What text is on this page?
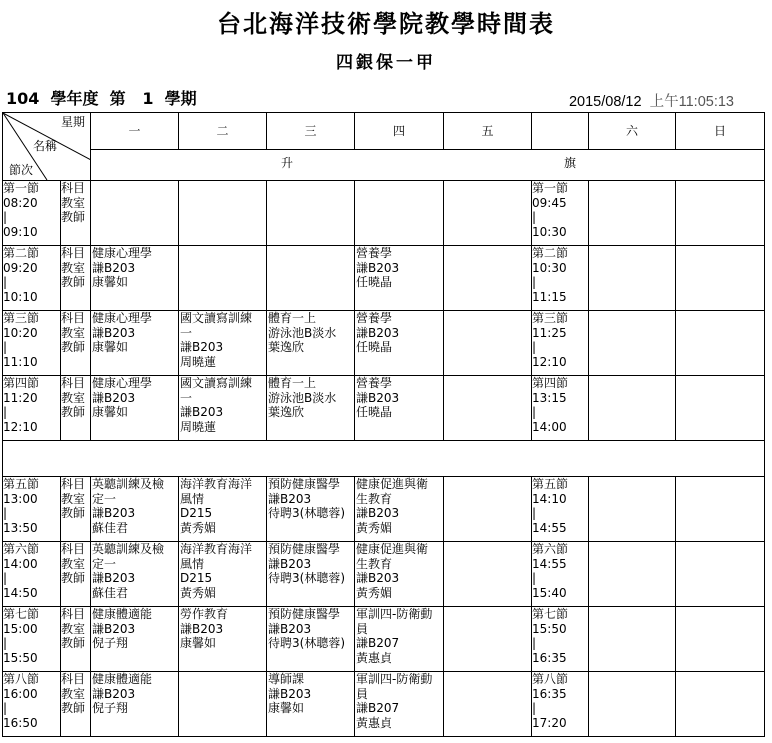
台北海洋技術學院教學時間表
四銀保一甲
104  學年度  第   1  學期	2015/08/12 上午11:05:13
星期
名稱
節次		一	二	三	四	五		六	日

		升 旗							

第一節
08:20
|
09:10	科目
教室
教師						第一節
09:45
|
10:30		

第二節
09:20
|
10:10	科目
教室
教師	健康心理學
謙B203
康馨如			營養學
謙B203
任曉晶		第二節
10:30
|
11:15		

第三節
10:20
|
11:10	科目
教室
教師	健康心理學
謙B203
康馨如	國文讀寫訓練
一
謙B203
周曉蓮	體育一上
游泳池B淡水
葉逸欣	營養學
謙B203
任曉晶		第三節
11:25
|
12:10		

第四節
11:20
|
12:10	科目
教室
教師	健康心理學
謙B203
康馨如	國文讀寫訓練
一
謙B203
周曉蓮	體育一上
游泳池B淡水
葉逸欣	營養學
謙B203
任曉晶		第四節
13:15
|
14:00		

第五節
13:00
|
13:50	科目
教室
教師	英聽訓練及檢
定一
謙B203
蘇佳君	海洋教育海洋
風情
D215
黃秀媚	預防健康醫學
謙B203
待聘3(林聰蓉)	健康促進與衛
生教育
謙B203
黃秀媚		第五節
14:10
|
14:55		

第六節
14:00
|
14:50	科目
教室
教師	英聽訓練及檢
定一
謙B203
蘇佳君	海洋教育海洋
風情
D215
黃秀媚	預防健康醫學
謙B203
待聘3(林聰蓉)	健康促進與衛
生教育
謙B203
黃秀媚		第六節
14:55
|
15:40		

第七節
15:00
|
15:50	科目
教室
教師	健康體適能
謙B203
倪子翔	勞作教育
謙B203
康馨如	預防健康醫學
謙B203
待聘3(林聰蓉)	軍訓四-防衛動
員
謙B207
黃惠貞		第七節
15:50
|
16:35		

第八節
16:00
|
16:50	科目
教室
教師	健康體適能
謙B203
倪子翔		導師課
謙B203
康馨如	軍訓四-防衛動
員
謙B207
黃惠貞		第八節
16:35
|
17:20		
